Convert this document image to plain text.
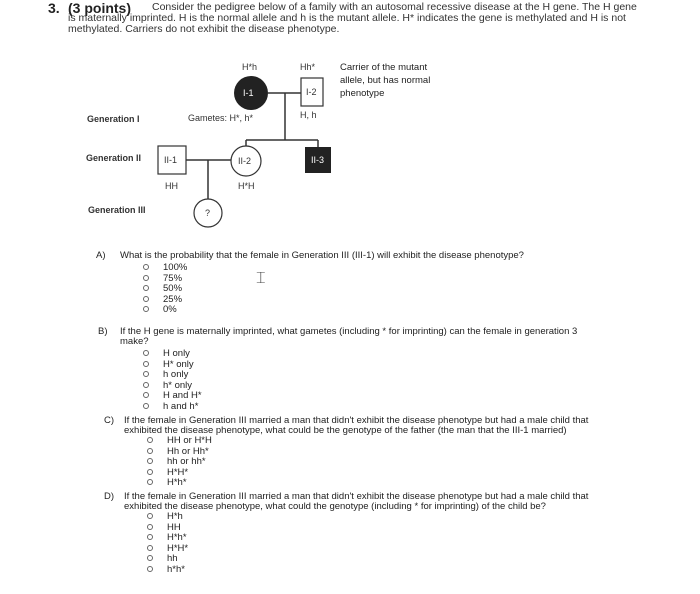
3. (3 points) Consider the pedigree below of a family with an autosomal recessive disease at the H gene. The H gene
is maternally imprinted. H is the normal allele and h is the mutant allele. H* indicates the gene is methylated and H is not
methylated. Carriers do not exhibit the disease phenotype.
H*h
I-1
Hh*
I-2
H, h
Gametes: H*, h*
Carrier of the mutant
allele, but has normal
phenotype
Generation I
Generation II
Generation III
II-1
HH
II-2
H*H
II-3
?
A) What is the probability that the female in Generation III (III-1) will exhibit the disease phenotype?
100%
75%
50%
25%
0%
⌶
B) If the H gene is maternally imprinted, what gametes (including * for imprinting) can the female in generation 3
make?
H only
H* only
h only
h* only
H and H*
h and h*
C) If the female in Generation III married a man that didn't exhibit the disease phenotype but had a male child that
exhibited the disease phenotype, what could be the genotype of the father (the man that the III-1 married)
HH or H*H
Hh or Hh*
hh or hh*
H*H*
H*h*
D) If the female in Generation III married a man that didn't exhibit the disease phenotype but had a male child that
exhibited the disease phenotype, what could the genotype (including * for imprinting) of the child be?
H*h
HH
H*h*
H*H*
hh
h*h*
